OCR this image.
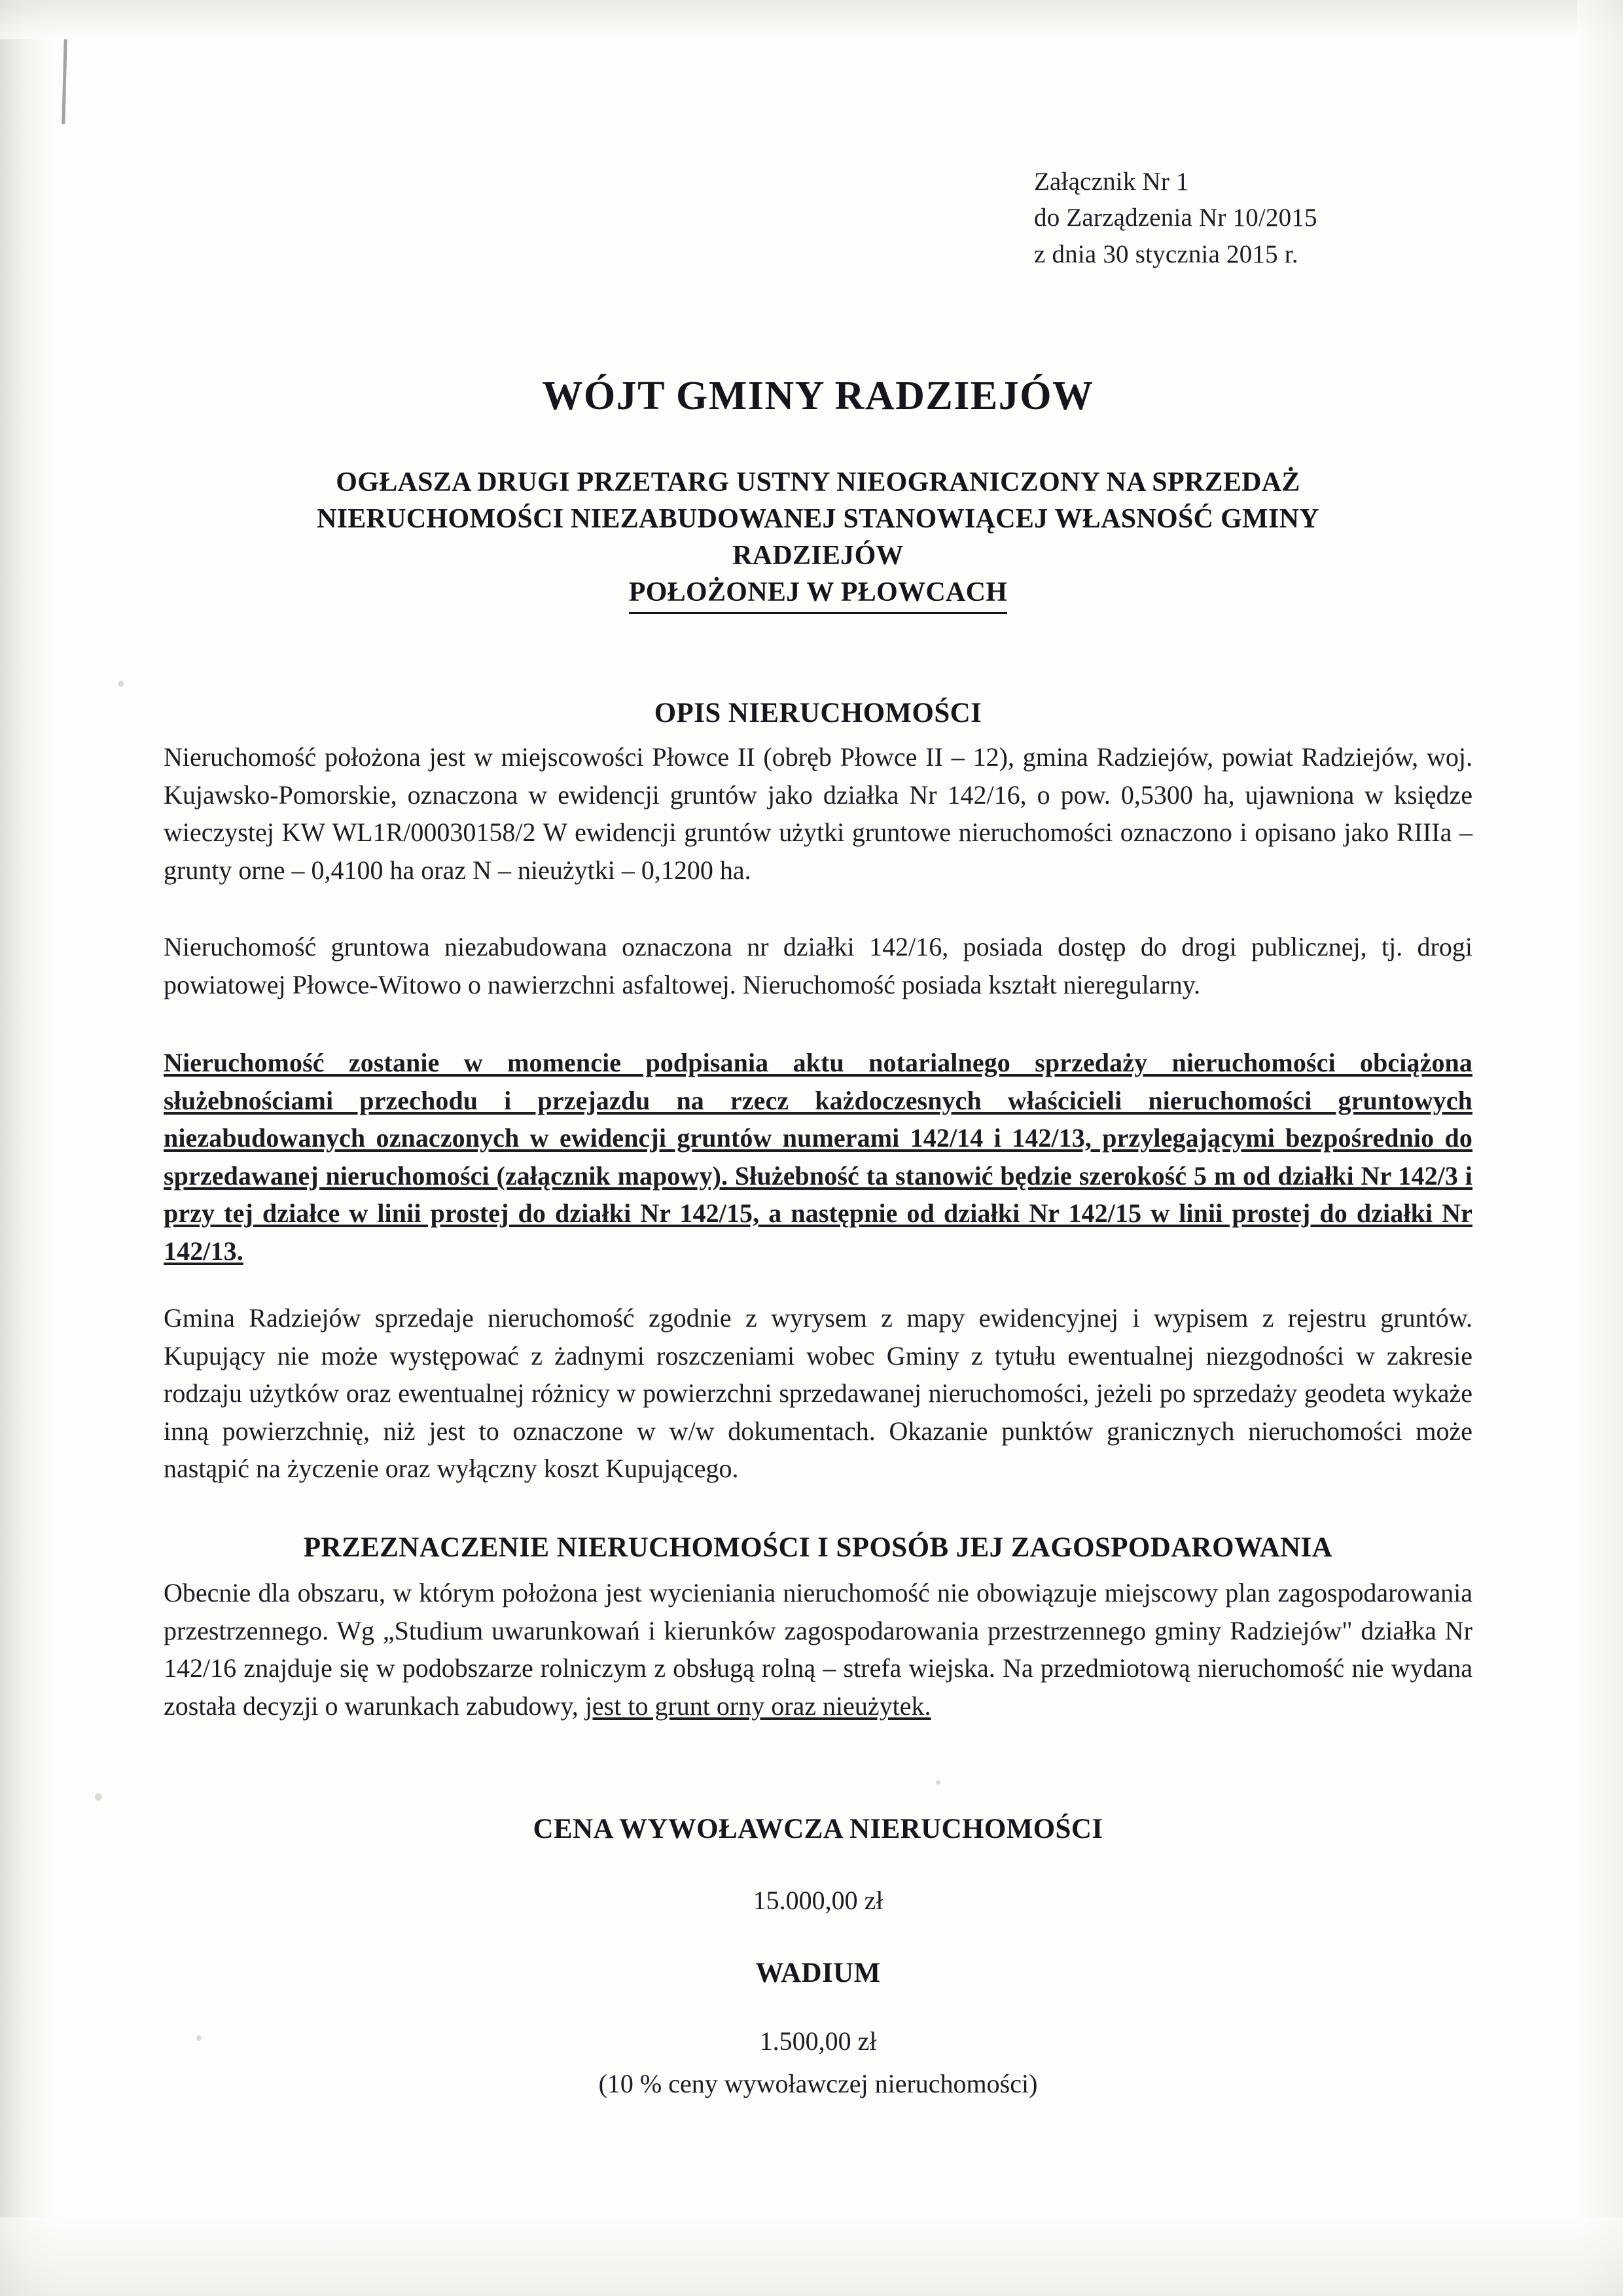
Załącznik Nr 1
do Zarządzenia Nr 10/2015
z dnia 30 stycznia 2015 r.
WÓJT GMINY RADZIEJÓW
OGŁASZA DRUGI PRZETARG USTNY NIEOGRANICZONY NA SPRZEDAŻ
NIERUCHOMOŚCI NIEZABUDOWANEJ STANOWIĄCEJ WŁASNOŚĆ GMINY RADZIEJÓW
POŁOŻONEJ W PŁOWCACH
OPIS NIERUCHOMOŚCI
Nieruchomość położona jest w miejscowości Płowce II (obręb Płowce II – 12), gmina Radziejów, powiat Radziejów, woj. Kujawsko-Pomorskie, oznaczona w ewidencji gruntów jako działka Nr 142/16, o pow. 0,5300 ha, ujawniona w księdze wieczystej KW WL1R/00030158/2 W ewidencji gruntów użytki gruntowe nieruchomości oznaczono i opisano jako RIIIa – grunty orne – 0,4100 ha oraz N – nieużytki – 0,1200 ha.
Nieruchomość gruntowa niezabudowana oznaczona nr działki 142/16, posiada dostęp do drogi publicznej, tj. drogi powiatowej Płowce-Witowo o nawierzchni asfaltowej. Nieruchomość posiada kształt nieregularny.
Nieruchomość zostanie w momencie podpisania aktu notarialnego sprzedaży nieruchomości obciążona służebnościami przechodu i przejazdu na rzecz każdoczesnych właścicieli nieruchomości gruntowych niezabudowanych oznaczonych w ewidencji gruntów numerami 142/14 i 142/13, przylegającymi bezpośrednio do sprzedawanej nieruchomości (załącznik mapowy). Służebność ta stanowić będzie szerokość 5 m od działki Nr 142/3 i przy tej działce w linii prostej do działki Nr 142/15, a następnie od działki Nr 142/15 w linii prostej do działki Nr 142/13.
Gmina Radziejów sprzedaje nieruchomość zgodnie z wyrysem z mapy ewidencyjnej i wypisem z rejestru gruntów. Kupujący nie może występować z żadnymi roszczeniami wobec Gminy z tytułu ewentualnej niezgodności w zakresie rodzaju użytków oraz ewentualnej różnicy w powierzchni sprzedawanej nieruchomości, jeżeli po sprzedaży geodeta wykaże inną powierzchnię, niż jest to oznaczone w w/w dokumentach. Okazanie punktów granicznych nieruchomości może nastąpić na życzenie oraz wyłączny koszt Kupującego.
PRZEZNACZENIE NIERUCHOMOŚCI I SPOSÓB JEJ ZAGOSPODAROWANIA
Obecnie dla obszaru, w którym położona jest wycieniania nieruchomość nie obowiązuje miejscowy plan zagospodarowania przestrzennego. Wg „Studium uwarunkowań i kierunków zagospodarowania przestrzennego gminy Radziejów" działka Nr 142/16 znajduje się w podobszarze rolniczym z obsługą rolną – strefa wiejska. Na przedmiotową nieruchomość nie wydana została decyzji o warunkach zabudowy, jest to grunt orny oraz nieużytek.
CENA WYWOŁAWCZA NIERUCHOMOŚCI
15.000,00 zł
WADIUM
1.500,00 zł
(10 % ceny wywoławczej nieruchomości)
